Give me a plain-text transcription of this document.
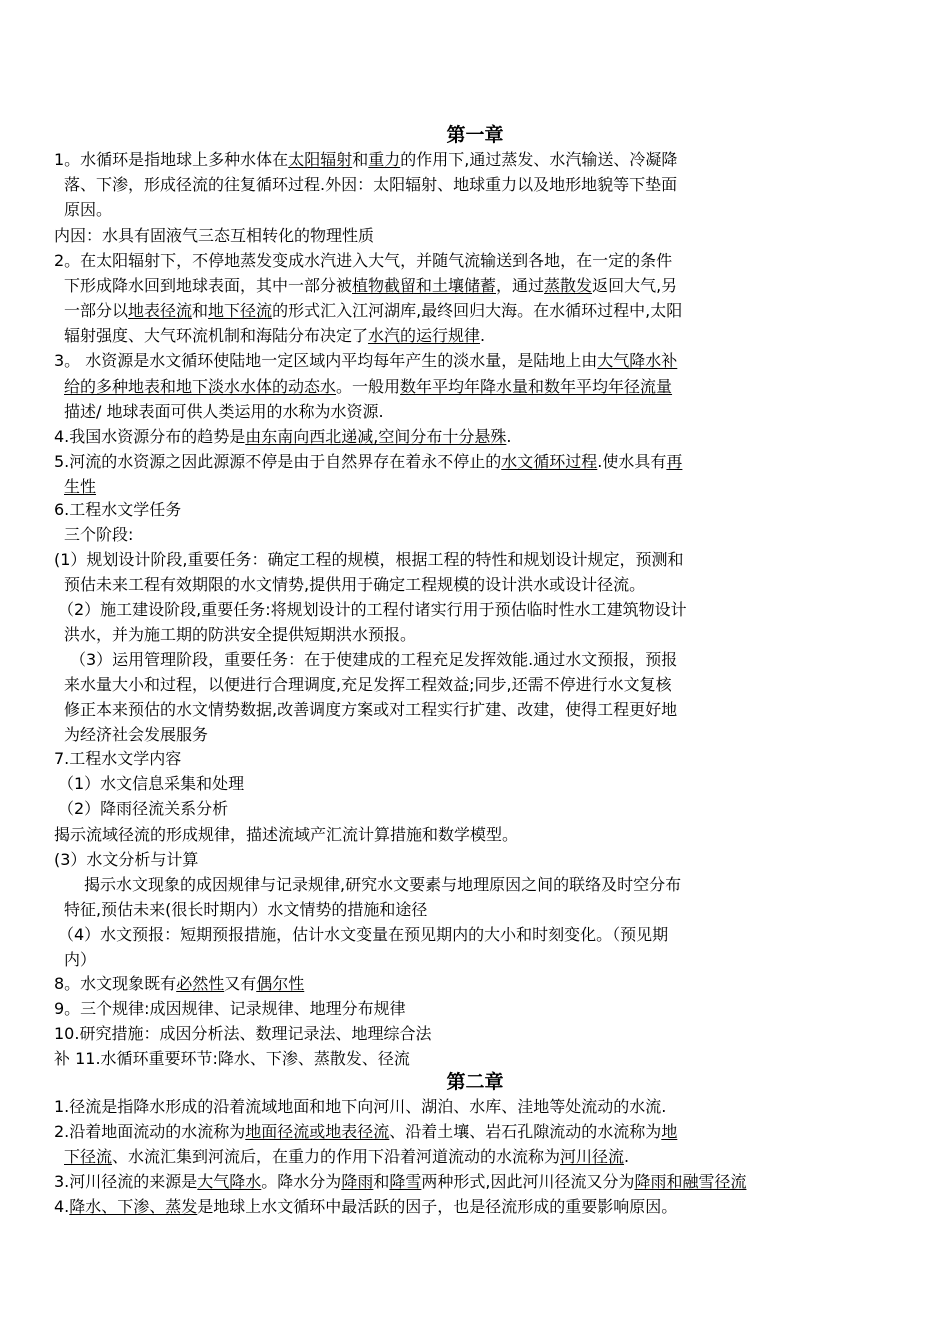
第一章
1。水循环是指地球上多种水体在太阳辐射和重力的作用下,通过蒸发、水汽输送、冷凝降
落、下渗，形成径流的往复循环过程.外因：太阳辐射、地球重力以及地形地貌等下垫面
原因。
内因：水具有固液气三态互相转化的物理性质
2。在太阳辐射下，不停地蒸发变成水汽进入大气，并随气流输送到各地，在一定的条件
下形成降水回到地球表面，其中一部分被植物截留和土壤储蓄，通过蒸散发返回大气,另
一部分以地表径流和地下径流的形式汇入江河湖库,最终回归大海。在水循环过程中,太阳
辐射强度、大气环流机制和海陆分布决定了水汽的运行规律.
3。 水资源是水文循环使陆地一定区域内平均每年产生的淡水量，是陆地上由大气降水补
给的多种地表和地下淡水水体的动态水。一般用数年平均年降水量和数年平均年径流量
描述/ 地球表面可供人类运用的水称为水资源.
4.我国水资源分布的趋势是由东南向西北递减,空间分布十分悬殊.
5.河流的水资源之因此源源不停是由于自然界存在着永不停止的水文循环过程.使水具有再
生性
6.工程水文学任务
三个阶段:
(1）规划设计阶段,重要任务：确定工程的规模，根据工程的特性和规划设计规定，预测和
预估未来工程有效期限的水文情势,提供用于确定工程规模的设计洪水或设计径流。
（2）施工建设阶段,重要任务:将规划设计的工程付诸实行用于预估临时性水工建筑物设计
洪水，并为施工期的防洪安全提供短期洪水预报。
（3）运用管理阶段，重要任务：在于使建成的工程充足发挥效能.通过水文预报，预报
来水量大小和过程，以便进行合理调度,充足发挥工程效益;同步,还需不停进行水文复核
修正本来预估的水文情势数据,改善调度方案或对工程实行扩建、改建，使得工程更好地
为经济社会发展服务
7.工程水文学内容
（1）水文信息采集和处理
（2）降雨径流关系分析
揭示流域径流的形成规律，描述流域产汇流计算措施和数学模型。
(3）水文分析与计算
揭示水文现象的成因规律与记录规律,研究水文要素与地理原因之间的联络及时空分布
特征,预估未来(很长时期内）水文情势的措施和途径
（4）水文预报：短期预报措施，估计水文变量在预见期内的大小和时刻变化。（预见期
内）
8。水文现象既有必然性又有偶尔性
9。三个规律:成因规律、记录规律、地理分布规律
10.研究措施：成因分析法、数理记录法、地理综合法
补 11.水循环重要环节:降水、下渗、蒸散发、径流
第二章
1.径流是指降水形成的沿着流域地面和地下向河川、湖泊、水库、洼地等处流动的水流.
2.沿着地面流动的水流称为地面径流或地表径流、沿着土壤、岩石孔隙流动的水流称为地
下径流、水流汇集到河流后，在重力的作用下沿着河道流动的水流称为河川径流.
3.河川径流的来源是大气降水。降水分为降雨和降雪两种形式,因此河川径流又分为降雨和融雪径流
4.降水、下渗、蒸发是地球上水文循环中最活跃的因子，也是径流形成的重要影响原因。
